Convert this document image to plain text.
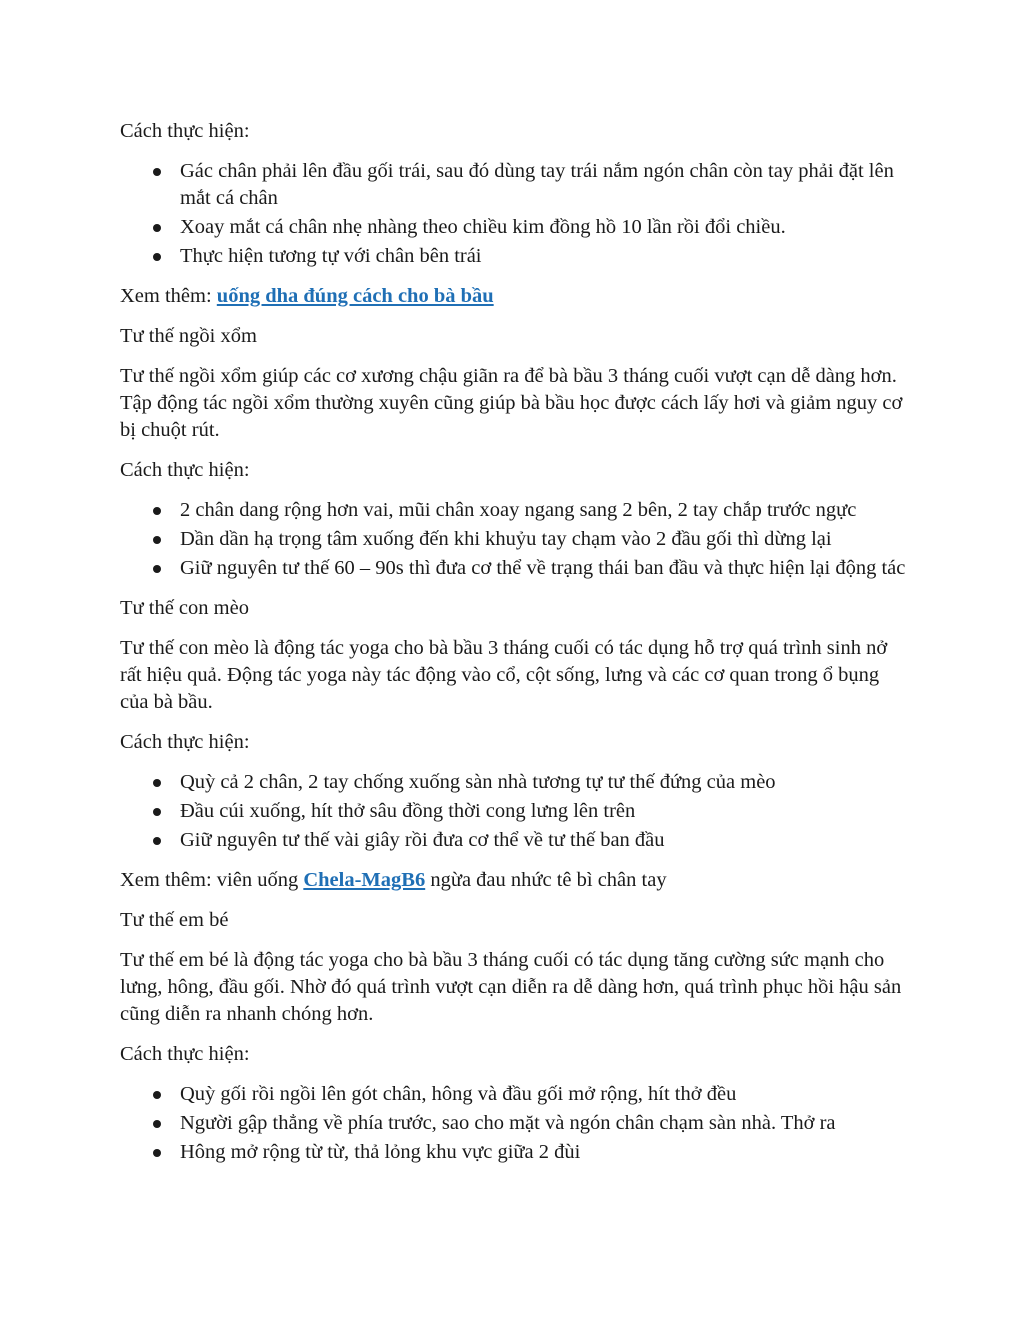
Cách thực hiện:

Gác chân phải lên đầu gối trái, sau đó dùng tay trái nắm ngón chân còn tay phải đặt lên mắt cá chân
Xoay mắt cá chân nhẹ nhàng theo chiều kim đồng hồ 10 lần rồi đổi chiều.
Thực hiện tương tự với chân bên trái

Xem thêm: uống dha đúng cách cho bà bầu

Tư thế ngồi xổm

Tư thế ngồi xổm giúp các cơ xương chậu giãn ra để bà bầu 3 tháng cuối vượt cạn dễ dàng hơn. Tập động tác ngồi xổm thường xuyên cũng giúp bà bầu học được cách lấy hơi và giảm nguy cơ bị chuột rút.

Cách thực hiện:

2 chân dang rộng hơn vai, mũi chân xoay ngang sang 2 bên, 2 tay chắp trước ngực
Dần dần hạ trọng tâm xuống đến khi khuỷu tay chạm vào 2 đầu gối thì dừng lại
Giữ nguyên tư thế 60 – 90s thì đưa cơ thể về trạng thái ban đầu và thực hiện lại động tác

Tư thế con mèo

Tư thế con mèo là động tác yoga cho bà bầu 3 tháng cuối có tác dụng hỗ trợ quá trình sinh nở rất hiệu quả. Động tác yoga này tác động vào cổ, cột sống, lưng và các cơ quan trong ổ bụng của bà bầu.

Cách thực hiện:

Quỳ cả 2 chân, 2 tay chống xuống sàn nhà tương tự tư thế đứng của mèo
Đầu cúi xuống, hít thở sâu đồng thời cong lưng lên trên
Giữ nguyên tư thế vài giây rồi đưa cơ thể về tư thế ban đầu

Xem thêm: viên uống Chela-MagB6 ngừa đau nhức tê bì chân tay

Tư thế em bé

Tư thế em bé là động tác yoga cho bà bầu 3 tháng cuối có tác dụng tăng cường sức mạnh cho lưng, hông, đầu gối. Nhờ đó quá trình vượt cạn diễn ra dễ dàng hơn, quá trình phục hồi hậu sản cũng diễn ra nhanh chóng hơn.

Cách thực hiện:

Quỳ gối rồi ngồi lên gót chân, hông và đầu gối mở rộng, hít thở đều
Người gập thẳng về phía trước, sao cho mặt và ngón chân chạm sàn nhà. Thở ra
Hông mở rộng từ từ, thả lỏng khu vực giữa 2 đùi
